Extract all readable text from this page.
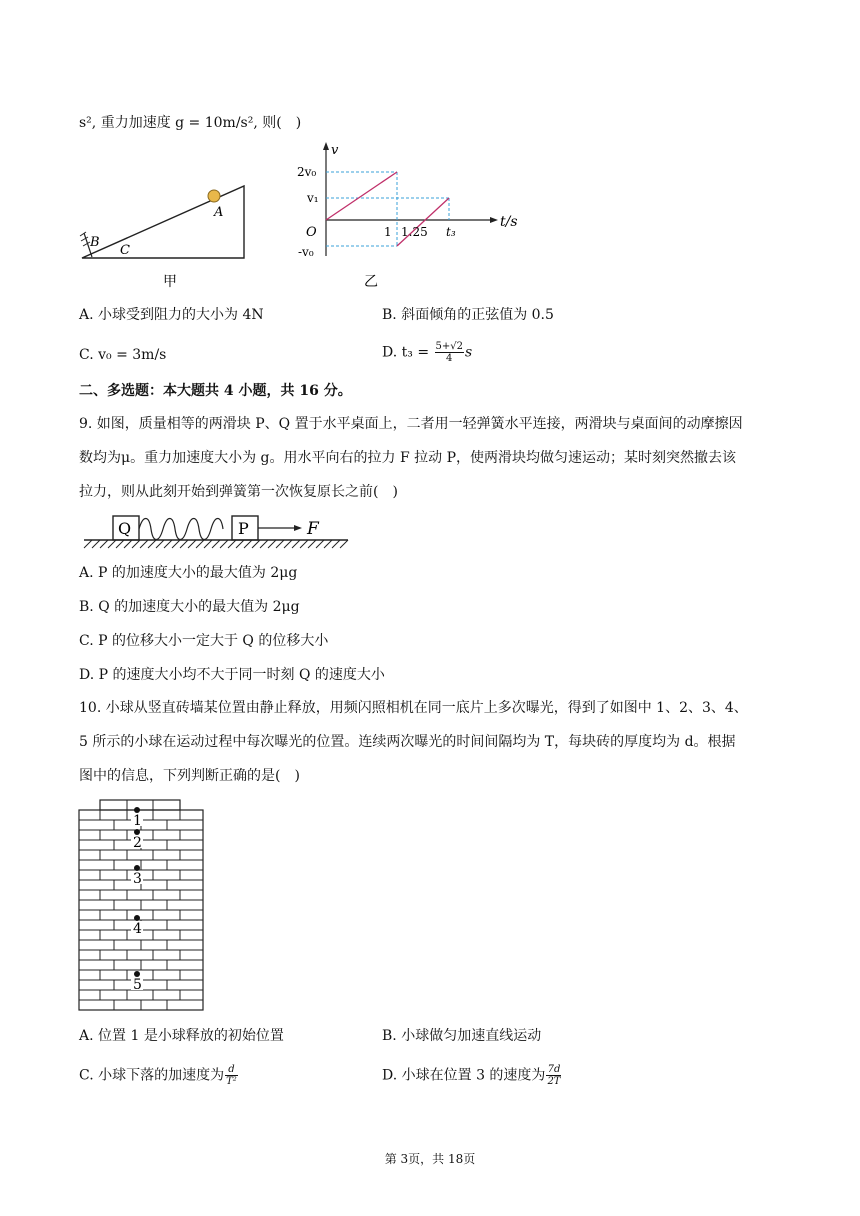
s², 重力加速度 g = 10m/s², 则(　)
A
B
C
甲
v
t/s
O
2v₀
v₁
-v₀
1 1.25 t₃
乙
Q	P	F
1
2
3
4
5
A. 小球受到阻力的大小为 4N	B. 斜面倾角的正弦值为 0.5
C. v₀ = 3m/s	D. $t_3 = \frac{5+√2}{4}$ s
二、多选题：本大题共 4 小题，共 16 分。
9. 如图，质量相等的两滑块 P、Q 置于水平桌面上，二者用一轻弹簧水平连接，两滑块与桌面间的动摩擦因
数均为μ。重力加速度大小为 g。用水平向右的拉力 F 拉动 P，使两滑块均做匀速运动；某时刻突然撤去该
拉力，则从此刻开始到弹簧第一次恢复原长之前(　)
A. P 的加速度大小的最大值为 2μg
B. Q 的加速度大小的最大值为 2μg
C. P 的位移大小一定大于 Q 的位移大小
D. P 的速度大小均不大于同一时刻 Q 的速度大小
10. 小球从竖直砖墙某位置由静止释放，用频闪照相机在同一底片上多次曝光，得到了如图中 1、2、3、4、
5 所示的小球在运动过程中每次曝光的位置。连续两次曝光的时间间隔均为 T，每块砖的厚度均为 d。根据
图中的信息，下列判断正确的是(　)
A. 位置 1 是小球释放的初始位置	B. 小球做匀加速直线运动
C. 小球下落的加速度为 $\frac{d}{\text{T²}}$	D. 小球在位置 3 的速度为 $\frac{7d}{2T}$
第 3页，共 18页
